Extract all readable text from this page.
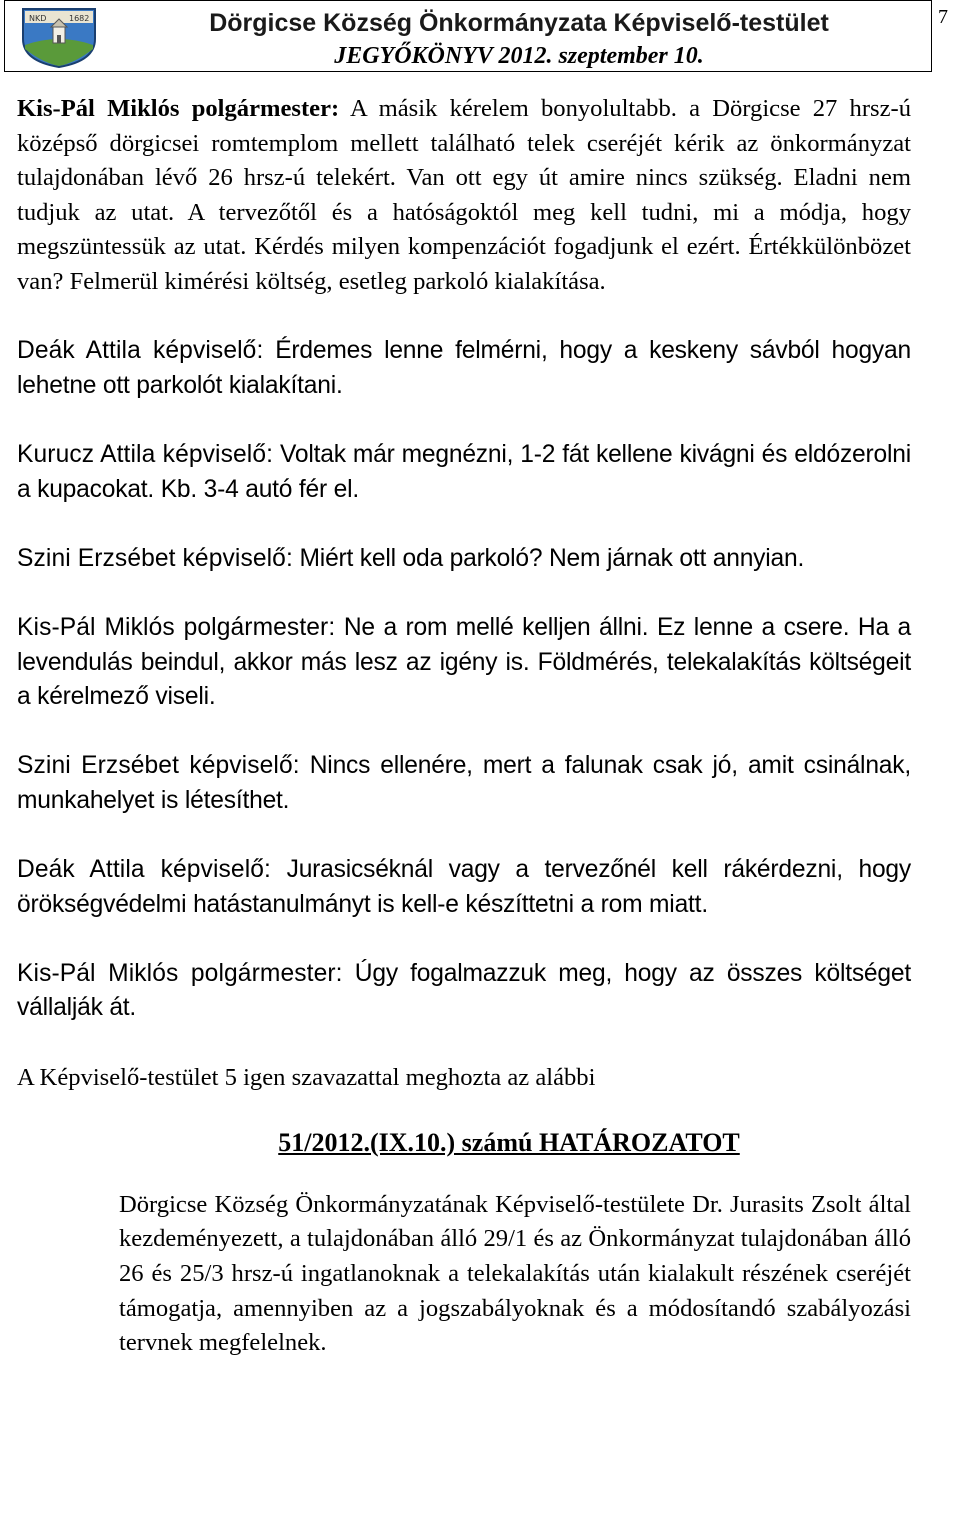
NKD	1682	Dörgicse Község Önkormányzata Képviselő-testület
JEGYŐKÖNYV 2012. szeptember 10.
7

Kis-Pál Miklós polgármester: A másik kérelem bonyolultabb. a Dörgicse 27 hrsz-ú középső dörgicsei romtemplom mellett található telek cseréjét kérik az önkormányzat tulajdonában lévő 26 hrsz-ú telekért. Van ott egy út amire nincs szükség. Eladni nem tudjuk az utat. A tervezőtől és a hatóságoktól meg kell tudni, mi a módja, hogy megszüntessük az utat. Kérdés milyen kompenzációt fogadjunk el ezért. Értékkülönbözet van? Felmerül kimérési költség, esetleg parkoló kialakítása.

Deák Attila képviselő: Érdemes lenne felmérni, hogy a keskeny sávból hogyan lehetne ott parkolót kialakítani.

Kurucz Attila képviselő: Voltak már megnézni, 1-2 fát kellene kivágni és eldózerolni a kupacokat. Kb. 3-4 autó fér el.

Szini Erzsébet képviselő: Miért kell oda parkoló? Nem járnak ott annyian.

Kis-Pál Miklós polgármester: Ne a rom mellé kelljen állni. Ez lenne a csere. Ha a levendulás beindul, akkor más lesz az igény is. Földmérés, telekalakítás költségeit a kérelmező viseli.

Szini Erzsébet képviselő: Nincs ellenére, mert a falunak csak jó, amit csinálnak, munkahelyet is létesíthet.

Deák Attila képviselő: Jurasicséknál vagy a tervezőnél kell rákérdezni, hogy örökségvédelmi hatástanulmányt is kell-e készíttetni a rom miatt.

Kis-Pál Miklós polgármester: Úgy fogalmazzuk meg, hogy az összes költséget vállalják át.

A Képviselő-testület 5 igen szavazattal meghozta az alábbi

51/2012.(IX.10.) számú HATÁROZATOT
Dörgicse Község Önkormányzatának Képviselő-testülete Dr. Jurasits Zsolt által kezdeményezett, a tulajdonában álló 29/1 és az Önkormányzat tulajdonában álló 26 és 25/3 hrsz-ú ingatlanoknak a telekalakítás után kialakult részének cseréjét támogatja, amennyiben az a jogszabályoknak és a módosítandó szabályozási tervnek megfelelnek.
